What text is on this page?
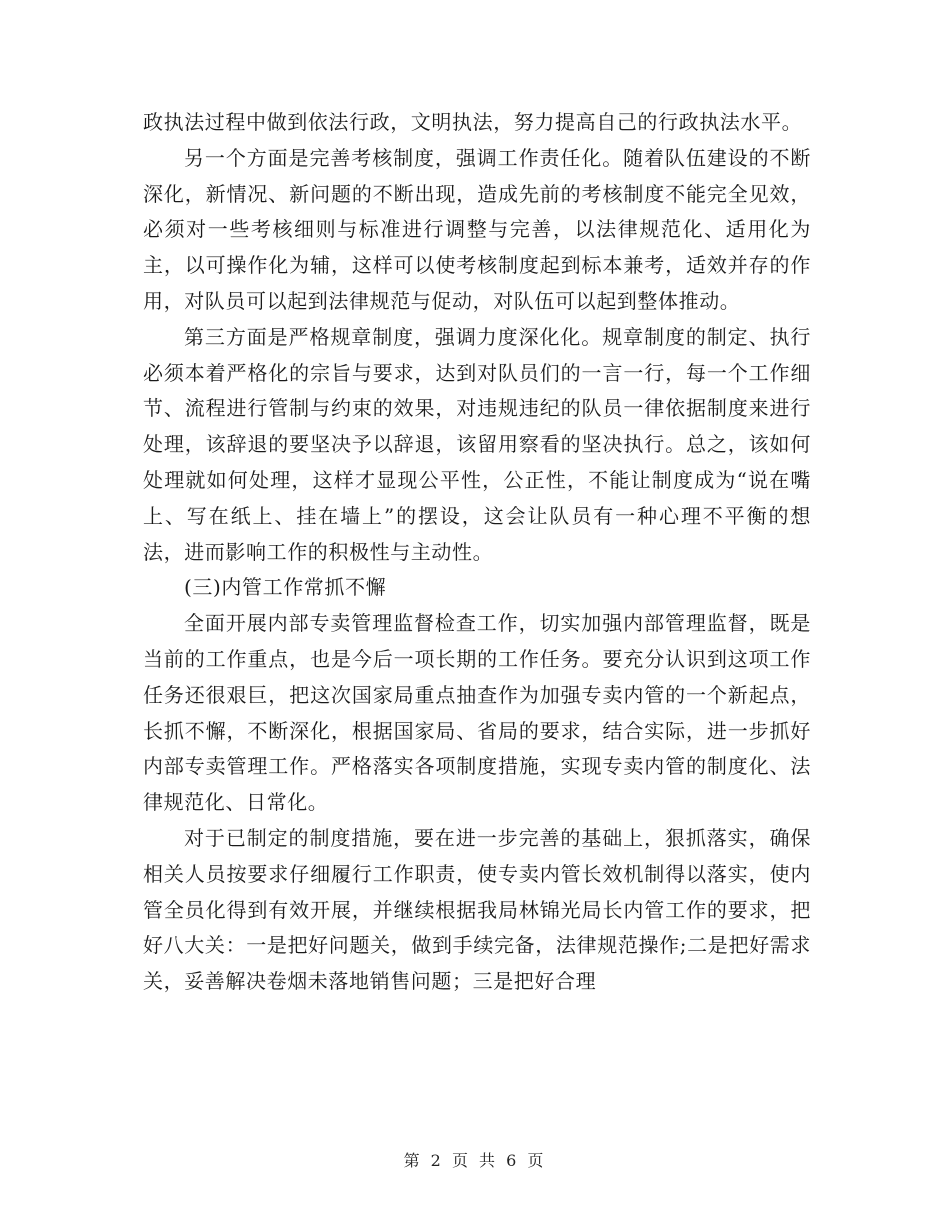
政执法过程中做到依法行政，文明执法，努力提高自己的行政执法水平。

另一个方面是完善考核制度，强调工作责任化。随着队伍建设的不断深化，新情况、新问题的不断出现，造成先前的考核制度不能完全见效，必须对一些考核细则与标准进行调整与完善，以法律规范化、适用化为主，以可操作化为辅，这样可以使考核制度起到标本兼考，适效并存的作用，对队员可以起到法律规范与促动，对队伍可以起到整体推动。

第三方面是严格规章制度，强调力度深化化。规章制度的制定、执行必须本着严格化的宗旨与要求，达到对队员们的一言一行，每一个工作细节、流程进行管制与约束的效果，对违规违纪的队员一律依据制度来进行处理，该辞退的要坚决予以辞退，该留用察看的坚决执行。总之，该如何处理就如何处理，这样才显现公平性，公正性，不能让制度成为“说在嘴上、写在纸上、挂在墙上”的摆设，这会让队员有一种心理不平衡的想法，进而影响工作的积极性与主动性。

(三)内管工作常抓不懈

全面开展内部专卖管理监督检查工作，切实加强内部管理监督，既是当前的工作重点，也是今后一项长期的工作任务。要充分认识到这项工作任务还很艰巨，把这次国家局重点抽查作为加强专卖内管的一个新起点，长抓不懈，不断深化，根据国家局、省局的要求，结合实际，进一步抓好内部专卖管理工作。严格落实各项制度措施，实现专卖内管的制度化、法律规范化、日常化。

对于已制定的制度措施，要在进一步完善的基础上，狠抓落实，确保相关人员按要求仔细履行工作职责，使专卖内管长效机制得以落实，使内管全员化得到有效开展，并继续根据我局林锦光局长内管工作的要求，把好八大关：一是把好问题关，做到手续完备，法律规范操作;二是把好需求关，妥善解决卷烟未落地销售问题；三是把好合理

第 2 页 共 6 页
